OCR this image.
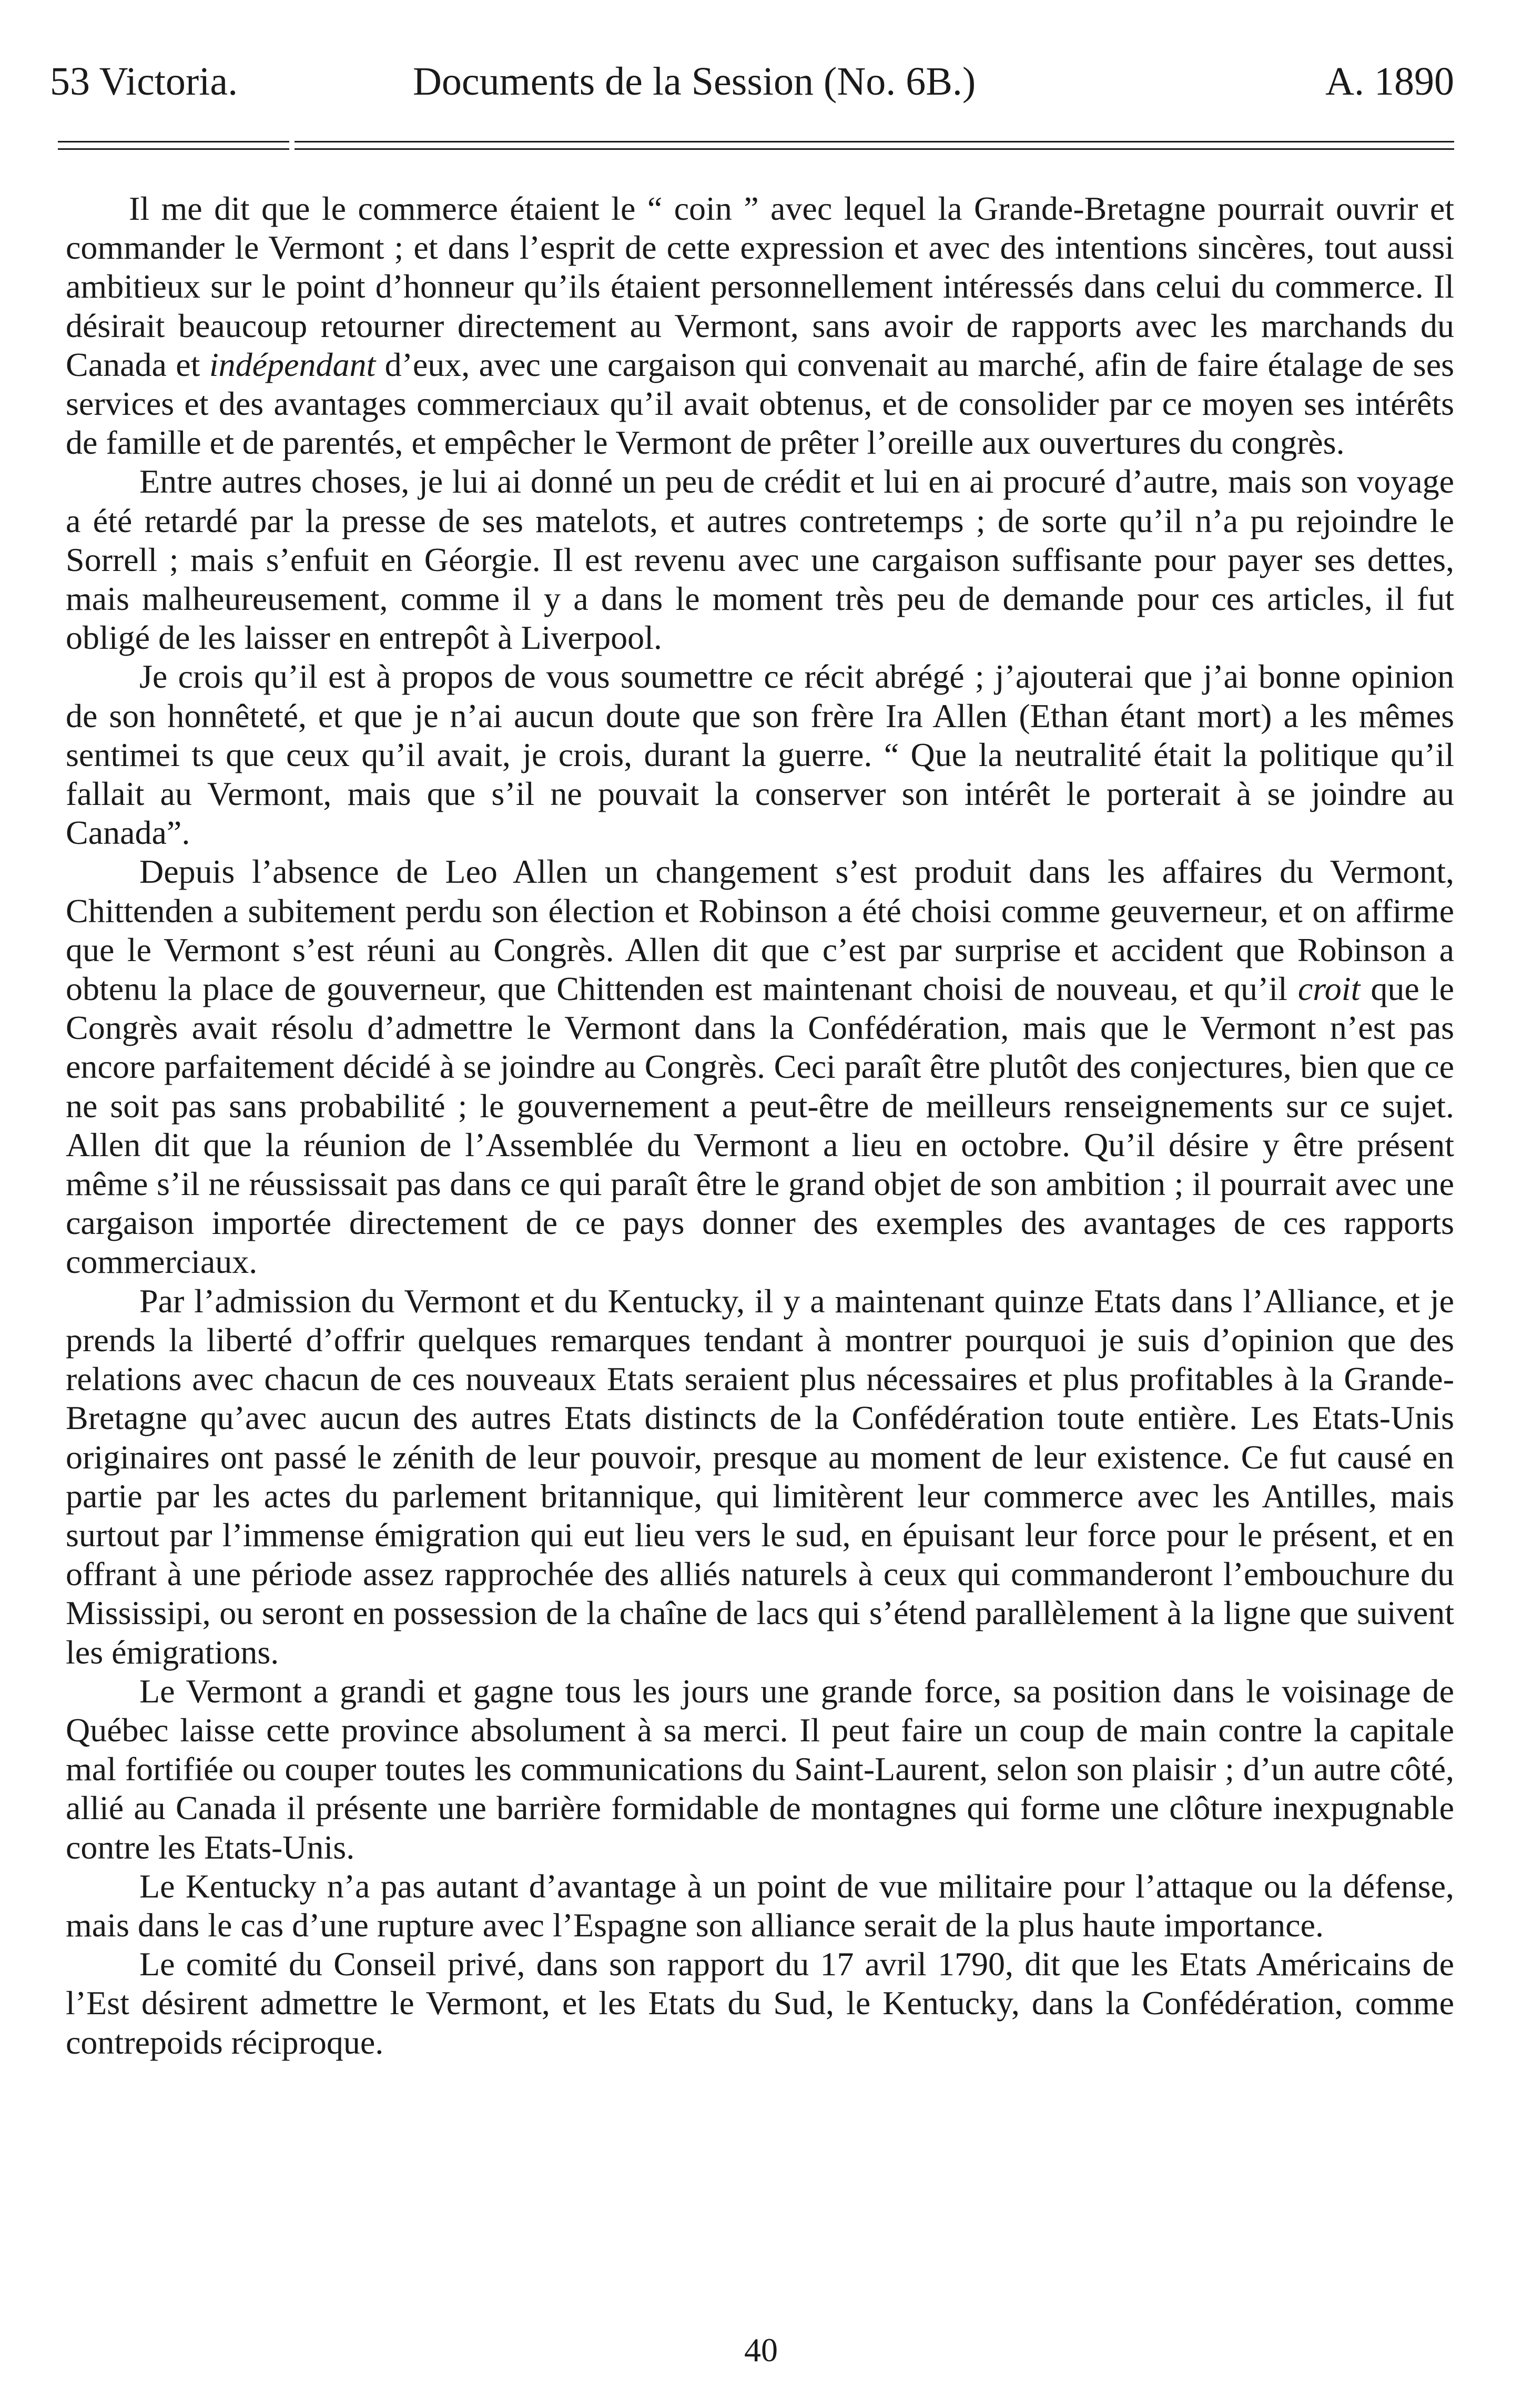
53 Victoria.	Documents de la Session (No. 6B.)	A. 1890

Il me dit que le commerce étaient le “ coin ” avec lequel la Grande-Bretagne pourrait ouvrir et commander le Vermont ; et dans l’esprit de cette expression et avec des intentions sincères, tout aussi ambitieux sur le point d’honneur qu’ils étaient personnellement intéressés dans celui du commerce. Il désirait beaucoup retourner directement au Vermont, sans avoir de rapports avec les marchands du Canada et indépendant d’eux, avec une cargaison qui convenait au marché, afin de faire étalage de ses services et des avantages commerciaux qu’il avait obtenus, et de consolider par ce moyen ses intérêts de famille et de parentés, et empêcher le Vermont de prêter l’oreille aux ouvertures du congrès.

Entre autres choses, je lui ai donné un peu de crédit et lui en ai procuré d’autre, mais son voyage a été retardé par la presse de ses matelots, et autres contretemps ; de sorte qu’il n’a pu rejoindre le Sorrell ; mais s’enfuit en Géorgie. Il est revenu avec une cargaison suffisante pour payer ses dettes, mais malheureusement, comme il y a dans le moment très peu de demande pour ces articles, il fut obligé de les laisser en entrepôt à Liverpool.

Je crois qu’il est à propos de vous soumettre ce récit abrégé ; j’ajouterai que j’ai bonne opinion de son honnêteté, et que je n’ai aucun doute que son frère Ira Allen (Ethan étant mort) a les mêmes sentimei ts que ceux qu’il avait, je crois, durant la guerre. “ Que la neutralité était la politique qu’il fallait au Vermont, mais que s’il ne pouvait la conserver son intérêt le porterait à se joindre au Canada”.

Depuis l’absence de Leo Allen un changement s’est produit dans les affaires du Vermont, Chittenden a subitement perdu son élection et Robinson a été choisi comme geuverneur, et on affirme que le Vermont s’est réuni au Congrès. Allen dit que c’est par surprise et accident que Robinson a obtenu la place de gouverneur, que Chittenden est maintenant choisi de nouveau, et qu’il croit que le Congrès avait résolu d’admettre le Vermont dans la Confédération, mais que le Vermont n’est pas encore parfaitement décidé à se joindre au Congrès. Ceci paraît être plutôt des conjectures, bien que ce ne soit pas sans probabilité ; le gouvernement a peut-être de meilleurs renseignements sur ce sujet. Allen dit que la réunion de l’Assemblée du Vermont a lieu en octobre. Qu’il désire y être présent même s’il ne réussissait pas dans ce qui paraît être le grand objet de son ambition ; il pourrait avec une cargaison importée directement de ce pays donner des exemples des avantages de ces rapports commerciaux.

Par l’admission du Vermont et du Kentucky, il y a maintenant quinze Etats dans l’Alliance, et je prends la liberté d’offrir quelques remarques tendant à montrer pourquoi je suis d’opinion que des relations avec chacun de ces nouveaux Etats seraient plus nécessaires et plus profitables à la Grande-Bretagne qu’avec aucun des autres Etats distincts de la Confédération toute entière. Les Etats-Unis originaires ont passé le zénith de leur pouvoir, presque au moment de leur existence. Ce fut causé en partie par les actes du parlement britannique, qui limitèrent leur commerce avec les Antilles, mais surtout par l’immense émigration qui eut lieu vers le sud, en épuisant leur force pour le présent, et en offrant à une période assez rapprochée des alliés naturels à ceux qui commanderont l’embouchure du Mississipi, ou seront en possession de la chaîne de lacs qui s’étend parallèlement à la ligne que suivent les émigrations.

Le Vermont a grandi et gagne tous les jours une grande force, sa position dans le voisinage de Québec laisse cette province absolument à sa merci. Il peut faire un coup de main contre la capitale mal fortifiée ou couper toutes les communications du Saint-Laurent, selon son plaisir ; d’un autre côté, allié au Canada il présente une barrière formidable de montagnes qui forme une clôture inexpugnable contre les Etats-Unis.

Le Kentucky n’a pas autant d’avantage à un point de vue militaire pour l’attaque ou la défense, mais dans le cas d’une rupture avec l’Espagne son alliance serait de la plus haute importance.

Le comité du Conseil privé, dans son rapport du 17 avril 1790, dit que les Etats Américains de l’Est désirent admettre le Vermont, et les Etats du Sud, le Kentucky, dans la Confédération, comme contrepoids réciproque.

40
